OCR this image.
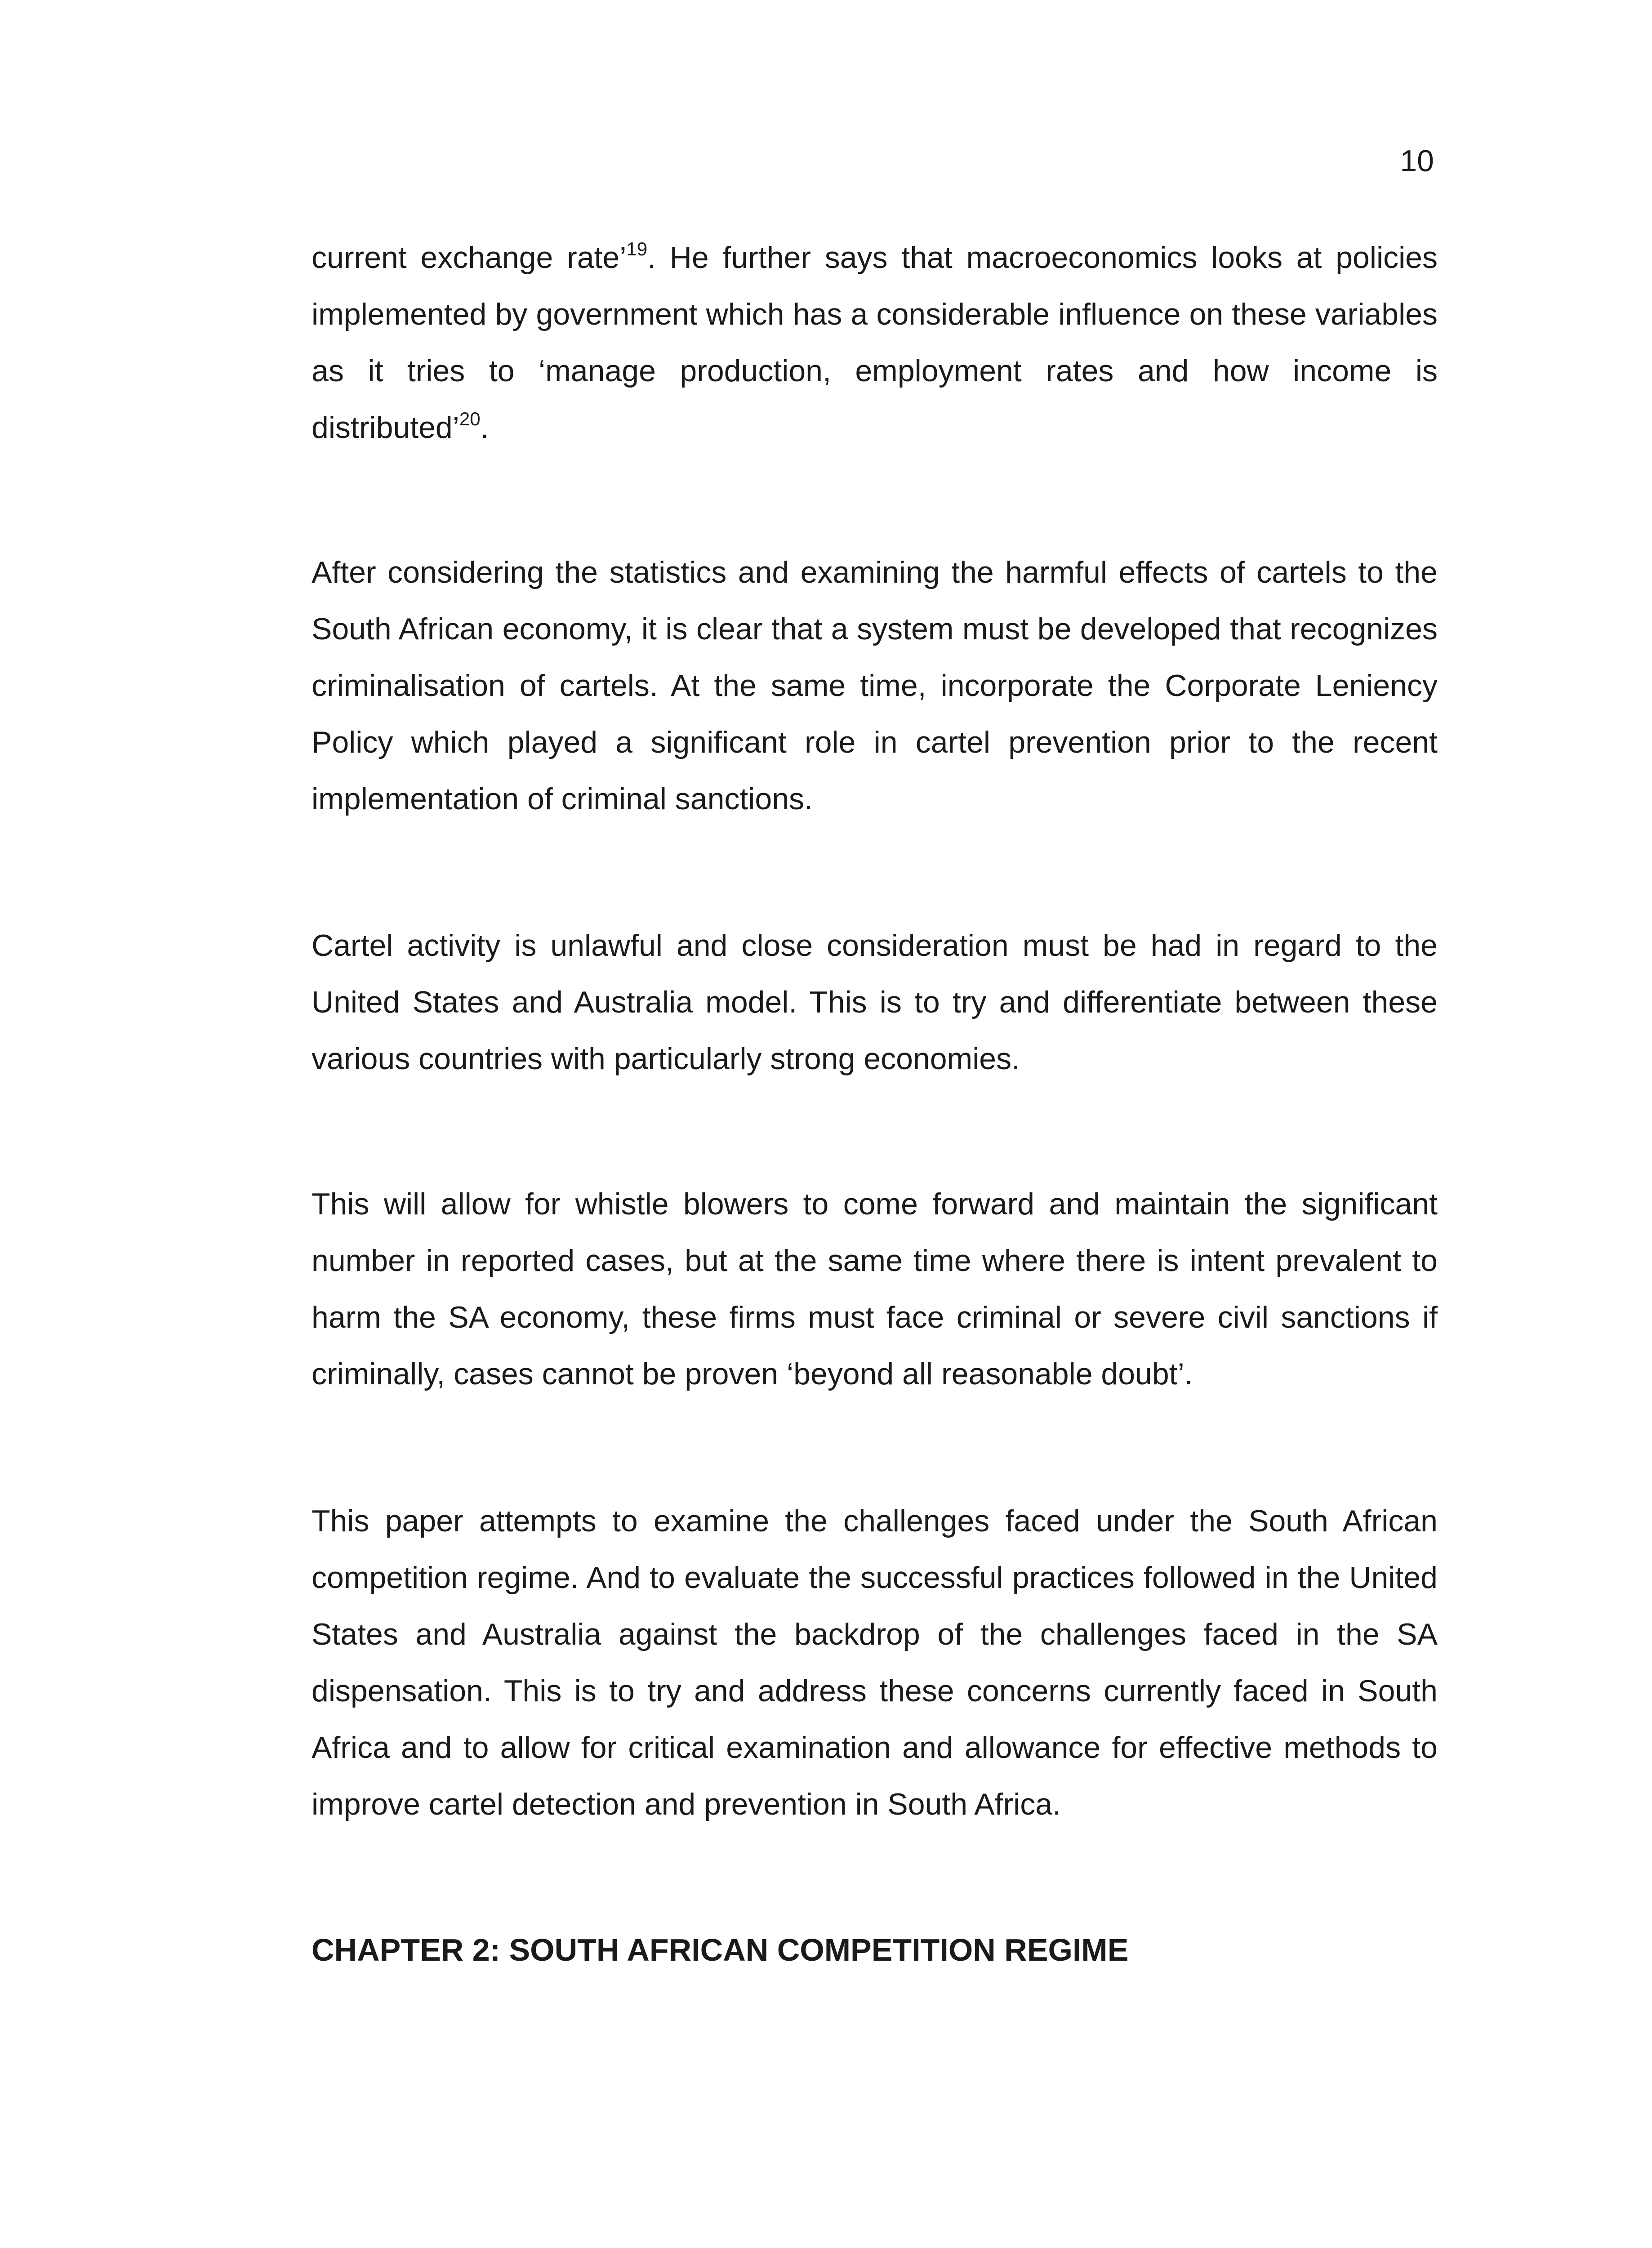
10

current exchange rate’$^{19}$. He further says that macroeconomics looks at policies implemented by government which has a considerable influence on these variables as it tries to ‘manage production, employment rates and how income is distributed’$^{20}$.

After considering the statistics and examining the harmful effects of cartels to the South African economy, it is clear that a system must be developed that recognizes criminalisation of cartels. At the same time, incorporate the Corporate Leniency Policy which played a significant role in cartel prevention prior to the recent implementation of criminal sanctions.

Cartel activity is unlawful and close consideration must be had in regard to the United States and Australia model. This is to try and differentiate between these various countries with particularly strong economies.

This will allow for whistle blowers to come forward and maintain the significant number in reported cases, but at the same time where there is intent prevalent to harm the SA economy, these firms must face criminal or severe civil sanctions if criminally, cases cannot be proven ‘beyond all reasonable doubt’.

This paper attempts to examine the challenges faced under the South African competition regime. And to evaluate the successful practices followed in the United States and Australia against the backdrop of the challenges faced in the SA dispensation. This is to try and address these concerns currently faced in South Africa and to allow for critical examination and allowance for effective methods to improve cartel detection and prevention in South Africa.

CHAPTER 2: SOUTH AFRICAN COMPETITION REGIME
